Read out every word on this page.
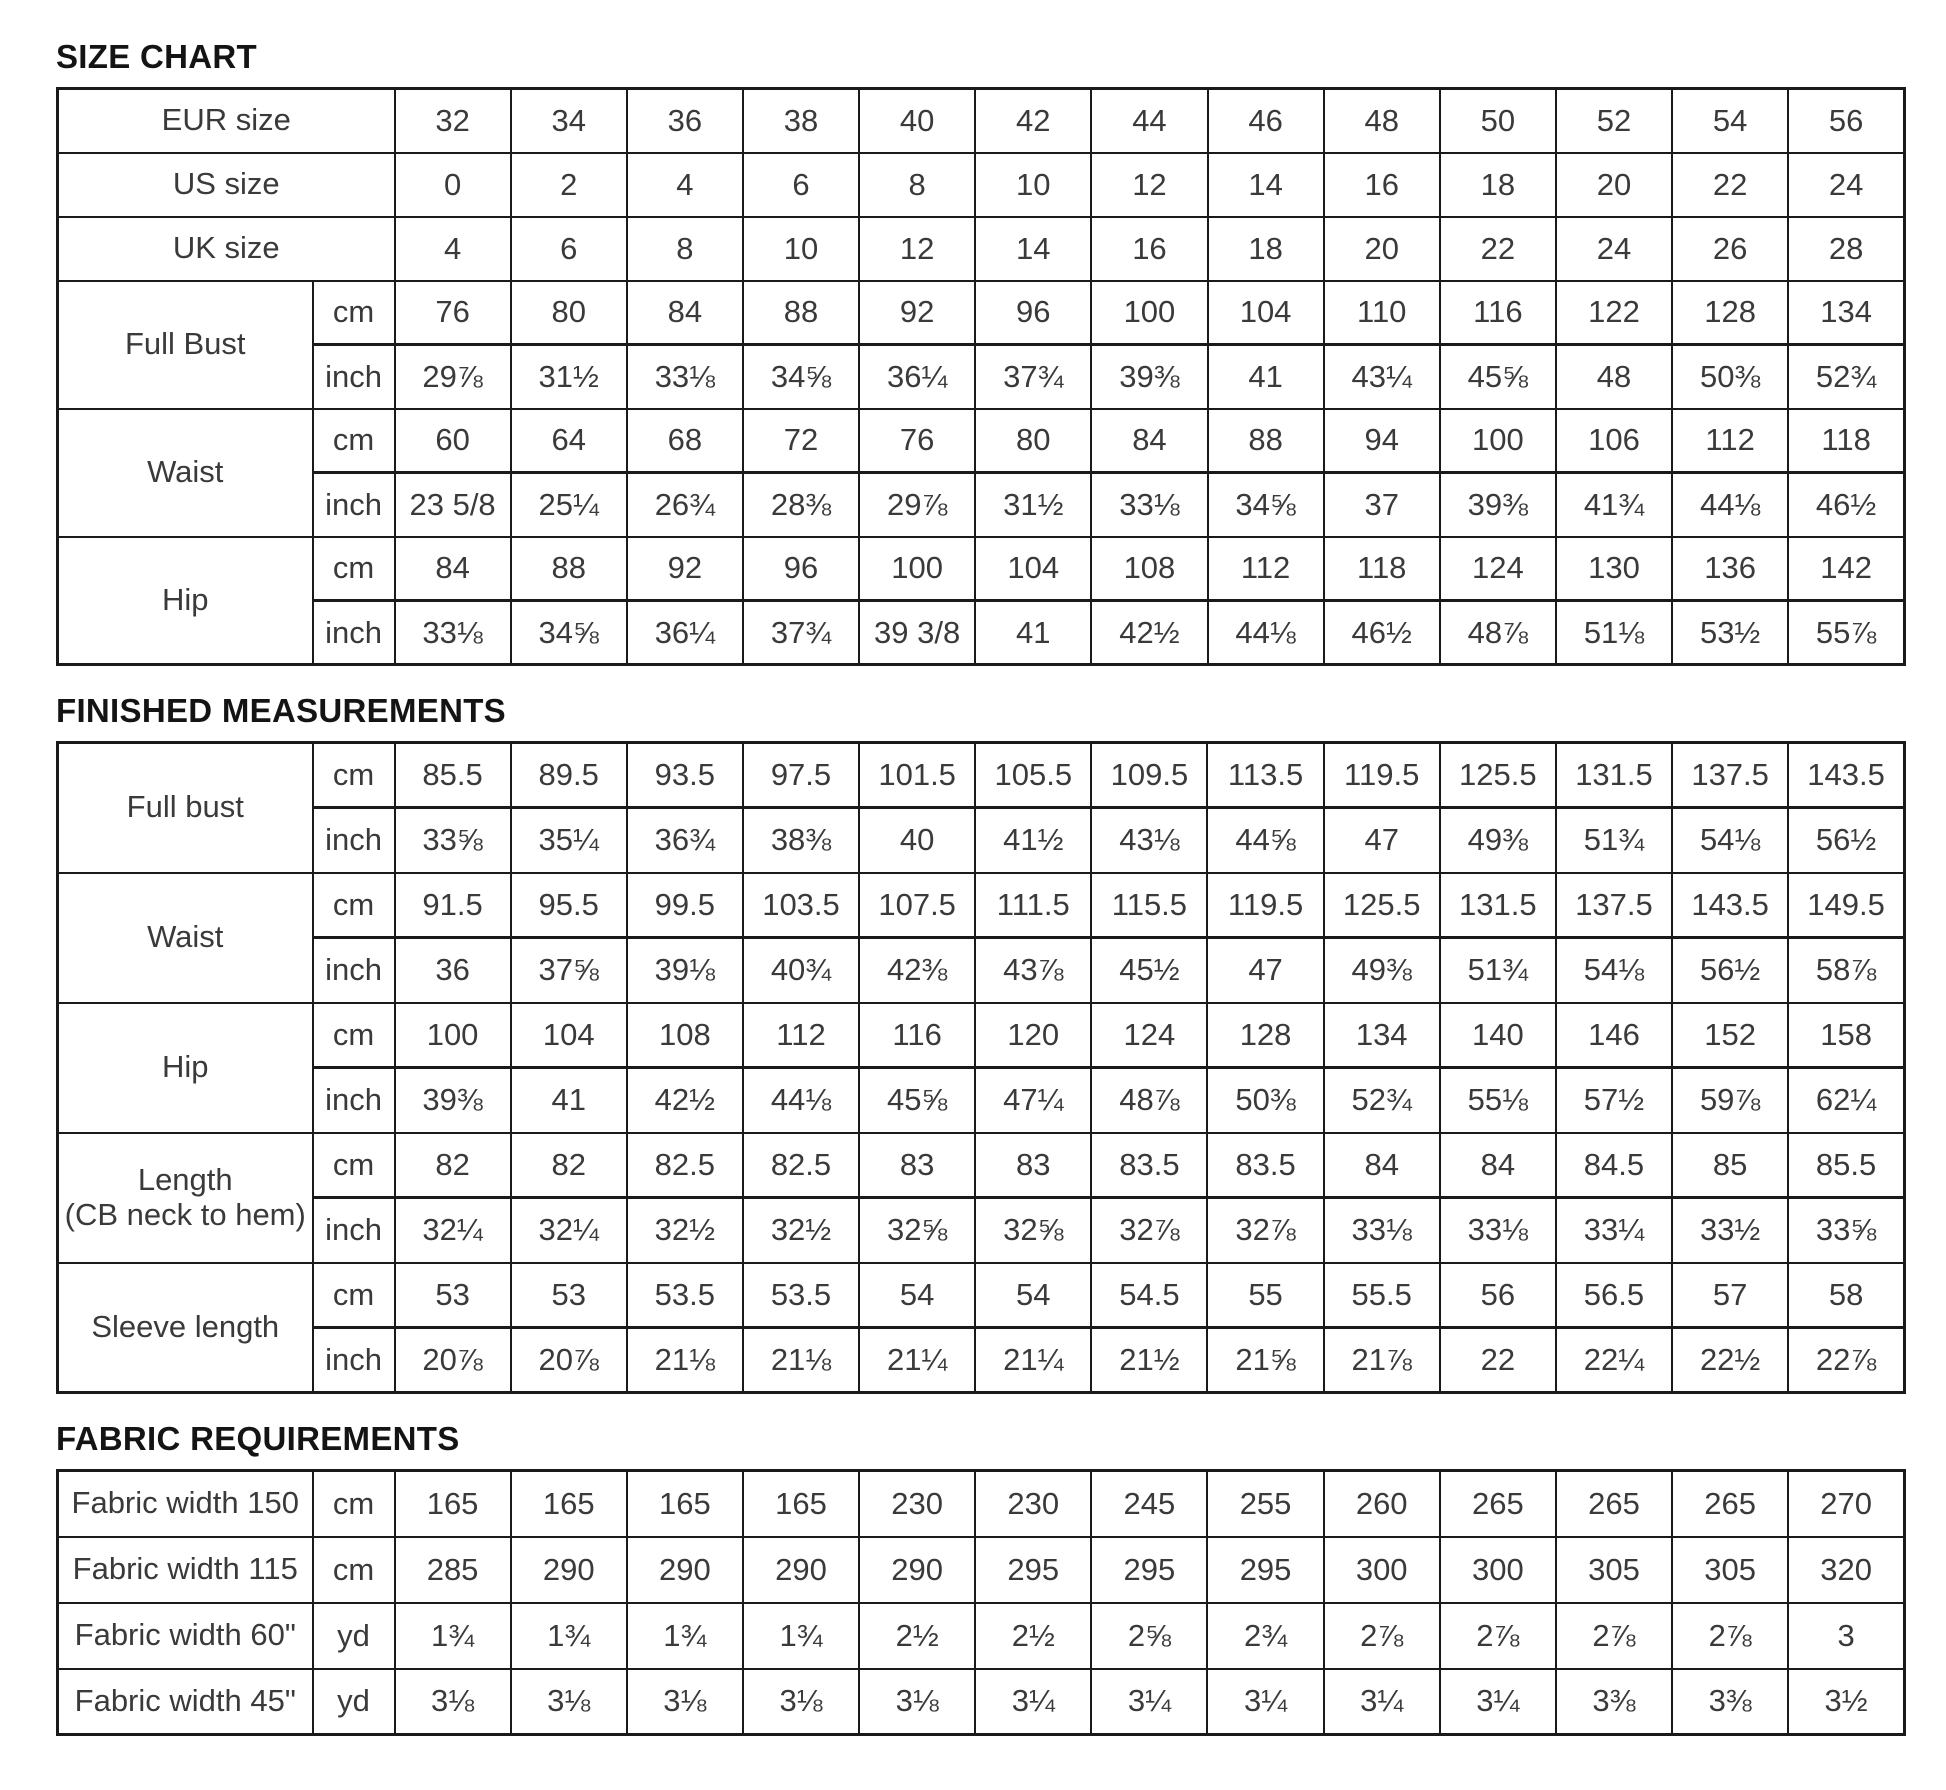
SIZE CHART
EUR size		32	34	36	38	40	42	44	46	48	50	52	54	56
US size		0	2	4	6	8	10	12	14	16	18	20	22	24
UK size		4	6	8	10	12	14	16	18	20	22	24	26	28

Full Bust	cm	76	80	84	88	92	96	100	104	110	116	122	128	134
	inch	29⅞	31½	33⅛	34⅝	36¼	37¾	39⅜	41	43¼	45⅝	48	50⅜	52¾

Waist	cm	60	64	68	72	76	80	84	88	94	100	106	112	118
	inch	23 5/8	25¼	26¾	28⅜	29⅞	31½	33⅛	34⅝	37	39⅜	41¾	44⅛	46½

Hip	cm	84	88	92	96	100	104	108	112	118	124	130	136	142
	inch	33⅛	34⅝	36¼	37¾	39 3/8	41	42½	44⅛	46½	48⅞	51⅛	53½	55⅞
FINISHED MEASUREMENTS
Full bust	cm	85.5	89.5	93.5	97.5	101.5	105.5	109.5	113.5	119.5	125.5	131.5	137.5	143.5
	inch	33⅝	35¼	36¾	38⅜	40	41½	43⅛	44⅝	47	49⅜	51¾	54⅛	56½

Waist	cm	91.5	95.5	99.5	103.5	107.5	111.5	115.5	119.5	125.5	131.5	137.5	143.5	149.5
	inch	36	37⅝	39⅛	40¾	42⅜	43⅞	45½	47	49⅜	51¾	54⅛	56½	58⅞

Hip	cm	100	104	108	112	116	120	124	128	134	140	146	152	158
	inch	39⅜	41	42½	44⅛	45⅝	47¼	48⅞	50⅜	52¾	55⅛	57½	59⅞	62¼

Length
(CB neck to hem)	cm	82	82	82.5	82.5	83	83	83.5	83.5	84	84	84.5	85	85.5
	inch	32¼	32¼	32½	32½	32⅝	32⅝	32⅞	32⅞	33⅛	33⅛	33¼	33½	33⅝

Sleeve length	cm	53	53	53.5	53.5	54	54	54.5	55	55.5	56	56.5	57	58
	inch	20⅞	20⅞	21⅛	21⅛	21¼	21¼	21½	21⅝	21⅞	22	22¼	22½	22⅞
FABRIC REQUIREMENTS
Fabric width 150	cm	165	165	165	165	230	230	245	255	260	265	265	265	270
Fabric width 115	cm	285	290	290	290	290	295	295	295	300	300	305	305	320
Fabric width 60"	yd	1¾	1¾	1¾	1¾	2½	2½	2⅝	2¾	2⅞	2⅞	2⅞	2⅞	3
Fabric width 45"	yd	3⅛	3⅛	3⅛	3⅛	3⅛	3¼	3¼	3¼	3¼	3¼	3⅜	3⅜	3½
